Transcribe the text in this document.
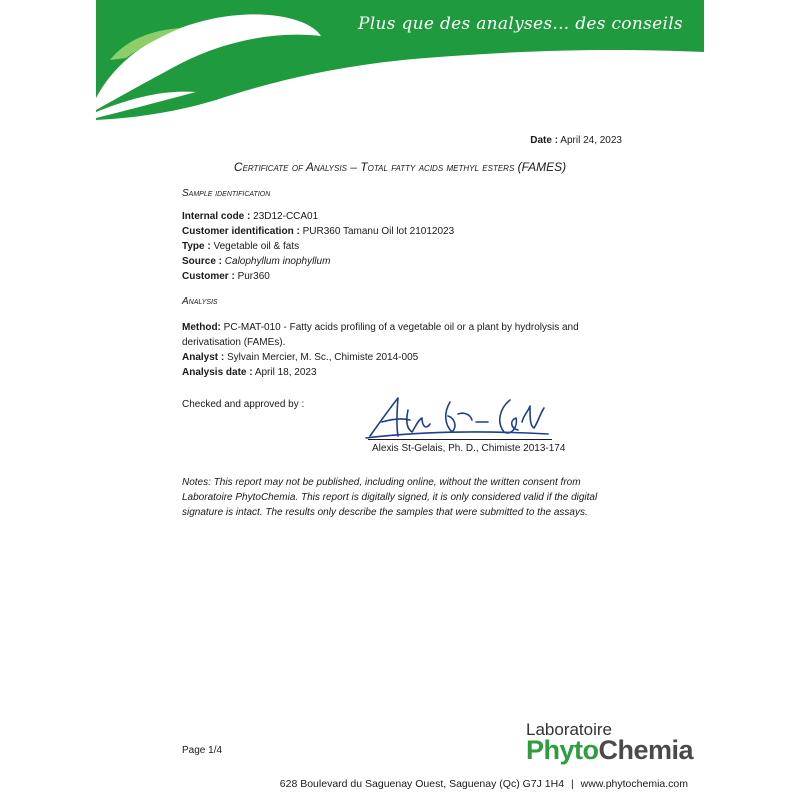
Plus que des analyses... des conseils
Date : April 24, 2023
Certificate of Analysis – Total fatty acids methyl esters (FAMES)
Sample identification
Internal code : 23D12-CCA01
Customer identification : PUR360 Tamanu Oil lot 21012023
Type : Vegetable oil & fats
Source : Calophyllum inophyllum
Customer : Pur360
Analysis
Method: PC-MAT-010 - Fatty acids profiling of a vegetable oil or a plant by hydrolysis and derivatisation (FAMEs).
Analyst : Sylvain Mercier, M. Sc., Chimiste 2014-005
Analysis date : April 18, 2023
Checked and approved by :
Alexis St-Gelais, Ph. D., Chimiste 2013-174
Notes: This report may not be published, including online, without the written consent from Laboratoire PhytoChemia. This report is digitally signed, it is only considered valid if the digital signature is intact. The results only describe the samples that were submitted to the assays.
Page 1/4
Laboratoire
PhytoChemia
628 Boulevard du Saguenay Ouest, Saguenay (Qc) G7J 1H4 | www.phytochemia.com
